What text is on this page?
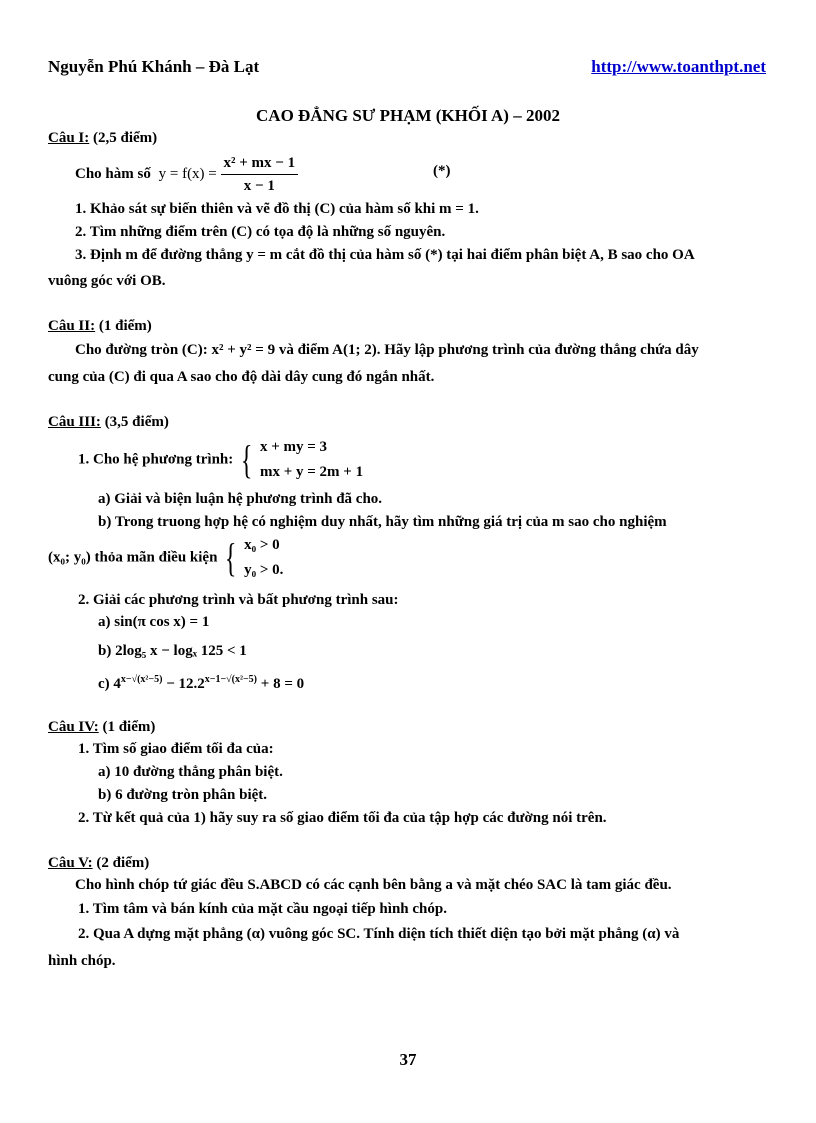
Nguyễn Phú Khánh – Đà Lạt	http://www.toanthpt.net
CAO ĐẲNG SƯ PHẠM (KHỐI A) – 2002
Câu I: (2,5 điểm)
Cho hàm số $y = f(x) = \frac{\text{x² + mx − 1}}{x - 1}$	(*)
1. Khảo sát sự biến thiên và vẽ đồ thị (C) của hàm số khi m = 1.
2. Tìm những điểm trên (C) có tọa độ là những số nguyên.
3. Định m để đường thẳng y = m cắt đồ thị của hàm số (*) tại hai điểm phân biệt A, B sao cho OA
vuông góc với OB.
Câu II: (1 điểm)
Cho đường tròn (C): x² + y² = 9 và điểm A(1; 2). Hãy lập phương trình của đường thẳng chứa dây
cung của (C) đi qua A sao cho độ dài dây cung đó ngắn nhất.
Câu III: (3,5 điểm)
1. Cho hệ phương trình: { x + my = 3
mx + y = 2m + 1
a) Giải và biện luận hệ phương trình đã cho.
b) Trong truong hợp hệ có nghiệm duy nhất, hãy tìm những giá trị của m sao cho nghiệm
(x₀; y₀) thỏa mãn điều kiện { x₀ > 0
y₀ > 0.
2. Giải các phương trình và bất phương trình sau:
a) sin(π cos x) = 1
b) 2log₅ x − logₓ 125 < 1
c) $4^{x-√(x^2-5)} - 12.2^{x-1-√(x^2-5)} + 8 = 0$
Câu IV: (1 điểm)
1. Tìm số giao điểm tối đa của:
a) 10 đường thẳng phân biệt.
b) 6 đường tròn phân biệt.
2. Từ kết quả của 1) hãy suy ra số giao điểm tối đa của tập hợp các đường nói trên.
Câu V: (2 điểm)
Cho hình chóp tứ giác đều S.ABCD có các cạnh bên bằng a và mặt chéo SAC là tam giác đều.
1. Tìm tâm và bán kính của mặt cầu ngoại tiếp hình chóp.
2. Qua A dựng mặt phẳng (α) vuông góc SC. Tính diện tích thiết diện tạo bởi mặt phẳng (α) và
hình chóp.
37
